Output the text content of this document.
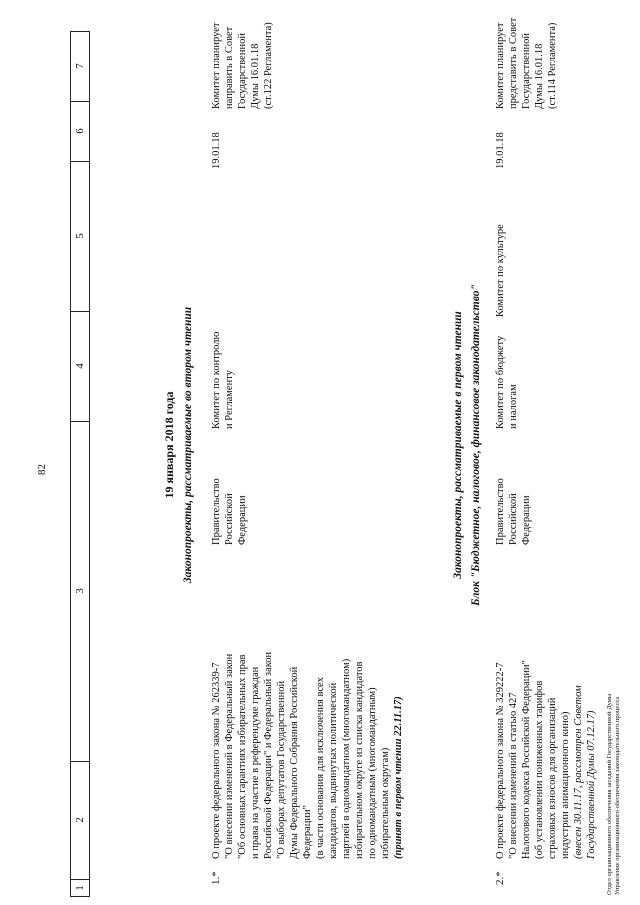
82
1
2
3
4
5
6
7
19 января 2018 года Законопроекты, рассматриваемые во втором чтении
1.*
О проекте федерального закона № 262339-7 "О внесении изменений в Федеральный закон "Об основных гарантиях избирательных прав и права на участие в референдуме граждан Российской Федерации" и Федеральный закон "О выборах депутатов Государственной Думы Федерального Собрания Российской Федерации" (в части основания для исключения всех кандидатов, выдвинутых политической партией в одномандатном (многомандатном) избирательном округе из списка кандидатов по одномандатным (многомандатным) избирательным округам) (принят в первом чтении 22.11.17)
Правительство Российской Федерации
Комитет по контролю и Регламенту
19.01.18
Комитет планирует направить в Совет Государственной Думы 16.01.18 (ст.122 Регламента)
Законопроекты, рассматриваемые в первом чтении Блок "Бюджетное, налоговое, финансовое законодательство"
2.*
О проекте федерального закона № 329222-7 "О внесении изменений в статью 427 Налогового кодекса Российской Федерации" (об установлении пониженных тарифов страховых взносов для организаций индустрии анимационного кино) (внесен 30.11.17, рассмотрен Советом Государственной Думы 07.12.17)
Правительство Российской Федерации
Комитет по бюджету и налогам
Комитет по культуре
19.01.18
Комитет планирует представить в Совет Государственной Думы 16.01.18 (ст.114 Регламента)
Отдел организационного обеспечения заседаний Государственной Думы Управление организационного обеспечения законодательного процесса
